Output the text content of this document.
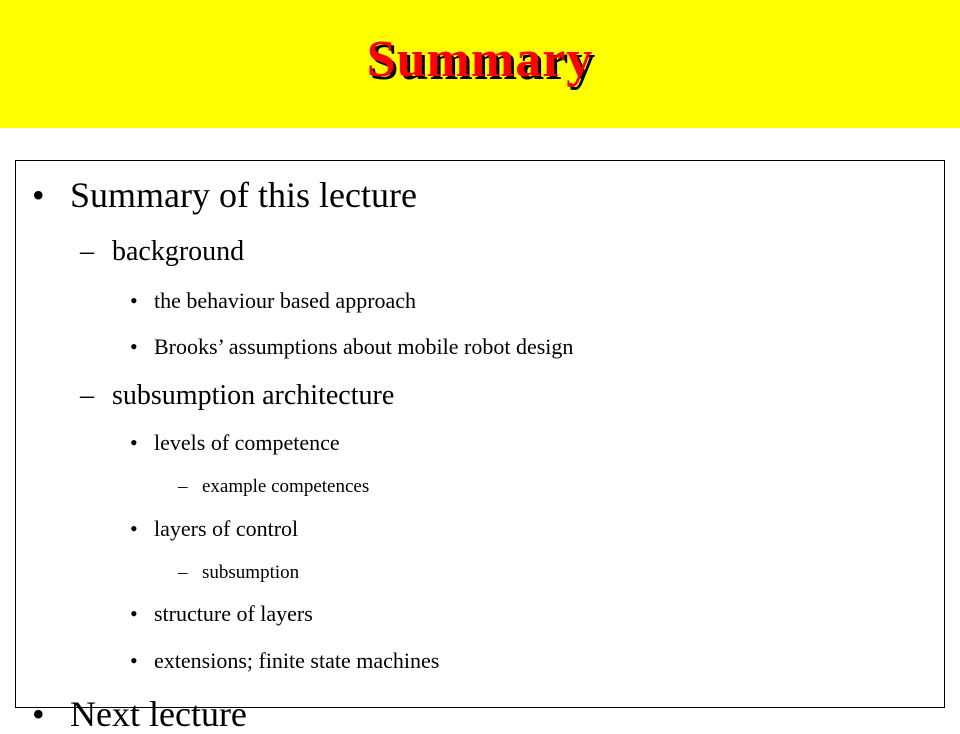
Summary
• Summary of this lecture
– background
• the behaviour based approach
• Brooks’ assumptions about mobile robot design
– subsumption architecture
• levels of competence
– example competences
• layers of control
– subsumption
• structure of layers
• extensions; finite state machines
• Next lecture
